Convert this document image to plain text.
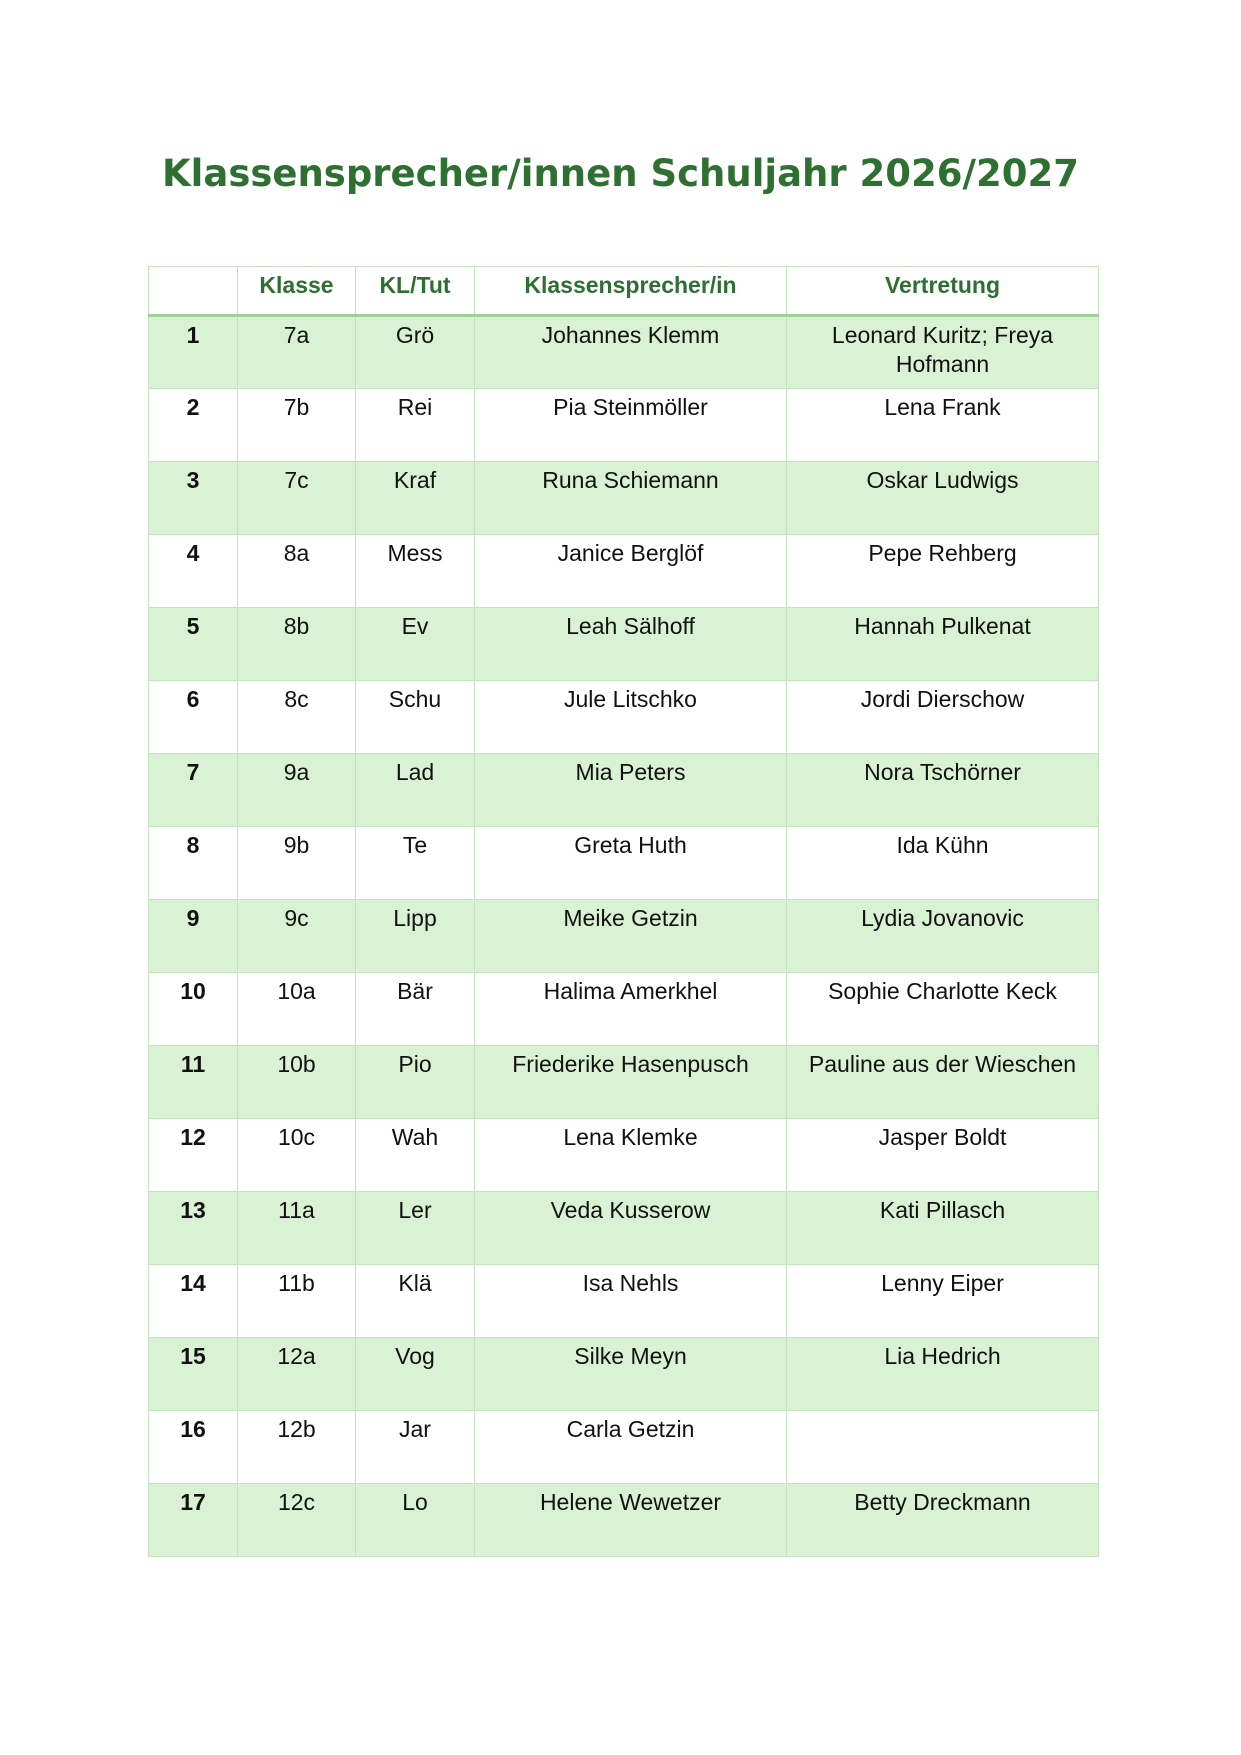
Klassensprecher/innen Schuljahr 2026/2027
	Klasse	KL/Tut	Klassensprecher/in	Vertretung
1	7a	Grö	Johannes Klemm	Leonard Kuritz; Freya Hofmann
2	7b	Rei	Pia Steinmöller	Lena Frank
3	7c	Kraf	Runa Schiemann	Oskar Ludwigs
4	8a	Mess	Janice Berglöf	Pepe Rehberg
5	8b	Ev	Leah Sälhoff	Hannah Pulkenat
6	8c	Schu	Jule Litschko	Jordi Dierschow
7	9a	Lad	Mia Peters	Nora Tschörner
8	9b	Te	Greta Huth	Ida Kühn
9	9c	Lipp	Meike Getzin	Lydia Jovanovic
10	10a	Bär	Halima Amerkhel	Sophie Charlotte Keck
11	10b	Pio	Friederike Hasenpusch	Pauline aus der Wieschen
12	10c	Wah	Lena Klemke	Jasper Boldt
13	11a	Ler	Veda Kusserow	Kati Pillasch
14	11b	Klä	Isa Nehls	Lenny Eiper
15	12a	Vog	Silke Meyn	Lia Hedrich
16	12b	Jar	Carla Getzin	
17	12c	Lo	Helene Wewetzer	Betty Dreckmann
